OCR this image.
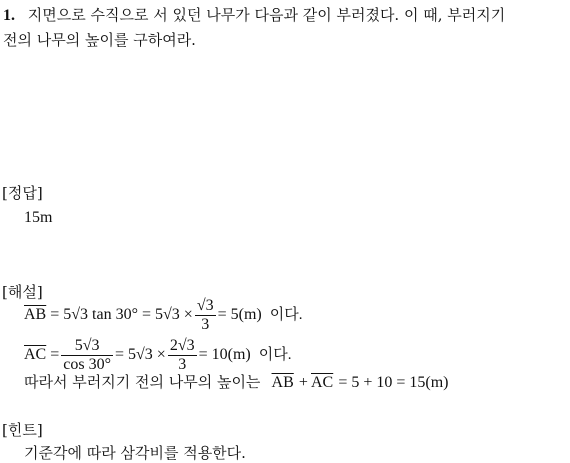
1. 지면으로 수직으로 서 있던 나무가 다음과 같이 부러졌다. 이 때, 부러지기
전의 나무의 높이를 구하여라.
[정답]
15m
[해설]
$\overline{AB} = 5√3$ $\tan 30^\circ = 5√3 \times \frac{√3}{3} = 5(m)$ 이다.
$\overline{AC} = \frac{5√3}{\cos 30^\circ} = 5√3 \times \frac{2√3}{3} = 10(m)$ 이다.
따라서 부러지기 전의 나무의 높이는 $\overline{AB} + \overline{AC} = 5 + 10 = 15(m)$
[힌트]
기준각에 따라 삼각비를 적용한다.
